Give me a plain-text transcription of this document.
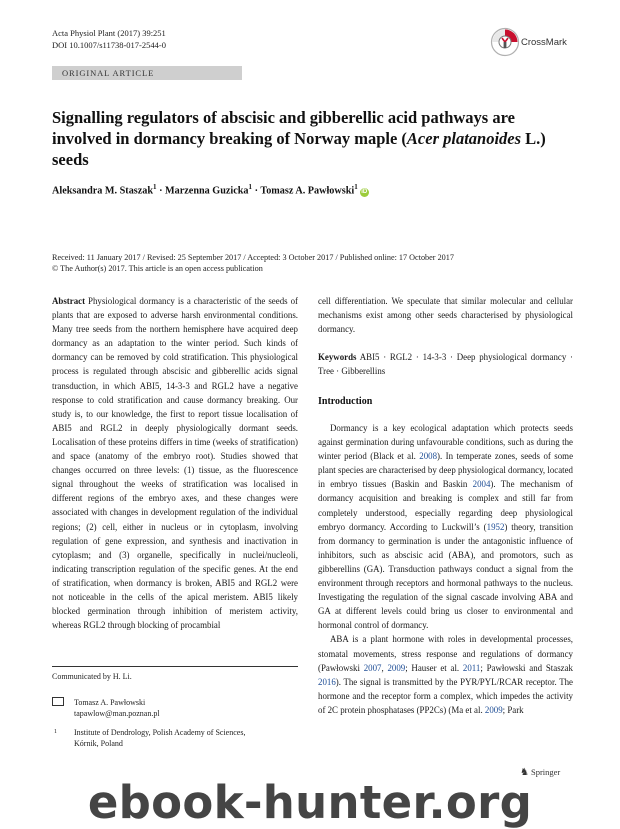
Acta Physiol Plant (2017) 39:251
DOI 10.1007/s11738-017-2544-0	CrossMark
ORIGINAL ARTICLE
Signalling regulators of abscisic and gibberellic acid pathways are involved in dormancy breaking of Norway maple (Acer platanoides L.) seeds
Aleksandra M. Staszak$^1$ · Marzenna Guzicka$^1$ · Tomasz A. Pawłowski$^1$iD
Received: 11 January 2017 / Revised: 25 September 2017 / Accepted: 3 October 2017 / Published online: 17 October 2017
© The Author(s) 2017. This article is an open access publication
Abstract Physiological dormancy is a characteristic of the seeds of plants that are exposed to adverse harsh environmental conditions. Many tree seeds from the northern hemisphere have acquired deep dormancy as an adaptation to the winter period. Such kinds of dormancy can be removed by cold stratification. This physiological process is regulated through abscisic and gibberellic acids signal transduction, in which ABI5, 14-3-3 and RGL2 have a negative response to cold stratification and cause dormancy breaking. Our study is, to our knowledge, the first to report tissue localisation of ABI5 and RGL2 in deeply physiologically dormant seeds. Localisation of these proteins differs in time (weeks of stratification) and space (anatomy of the embryo root). Studies showed that changes occurred on three levels: (1) tissue, as the fluorescence signal throughout the weeks of stratification was localised in different regions of the embryo axes, and these changes were associated with changes in development regulation of the individual regions; (2) cell, either in nucleus or in cytoplasm, involving regulation of gene expression, and synthesis and inactivation in cytoplasm; and (3) organelle, specifically in nuclei/nucleoli, indicating transcription regulation of the specific genes. At the end of stratification, when dormancy is broken, ABI5 and RGL2 were not noticeable in the cells of the apical meristem. ABI5 likely blocked germination through inhibition of meristem activity, whereas RGL2 through blocking of procambial
cell differentiation. We speculate that similar molecular and cellular mechanisms exist among other seeds characterised by physiological dormancy.
Keywords ABI5 · RGL2 · 14-3-3 · Deep physiological dormancy · Tree · Gibberellins
Introduction

Dormancy is a key ecological adaptation which protects seeds against germination during unfavourable conditions, such as during the winter period (Black et al. 2008). In temperate zones, seeds of some plant species are characterised by deep physiological dormancy, located in embryo tissues (Baskin and Baskin 2004). The mechanism of dormancy acquisition and breaking is complex and still far from completely understood, especially regarding deep physiological embryo dormancy. According to Luckwill’s (1952) theory, transition from dormancy to germination is under the antagonistic influence of inhibitors, such as abscisic acid (ABA), and promotors, such as gibberellins (GA). Transduction pathways conduct a signal from the environment through receptors and hormonal pathways to the nucleus. Investigating the regulation of the signal cascade involving ABA and GA at different levels could bring us closer to environmental and hormonal control of dormancy.

ABA is a plant hormone with roles in developmental processes, stomatal movements, stress response and regulations of dormancy (Pawłowski 2007, 2009; Hauser et al. 2011; Pawłowski and Staszak 2016). The signal is transmitted by the PYR/PYL/RCAR receptor. The hormone and the receptor form a complex, which impedes the activity of 2C protein phosphatases (PP2Cs) (Ma et al. 2009; Park

Communicated by H. Li.
Tomasz A. Pawłowski
tapawlow@man.poznan.pl
1 Institute of Dendrology, Polish Academy of Sciences,
Kórnik, Poland
♞ Springer
ebook-hunter.org
